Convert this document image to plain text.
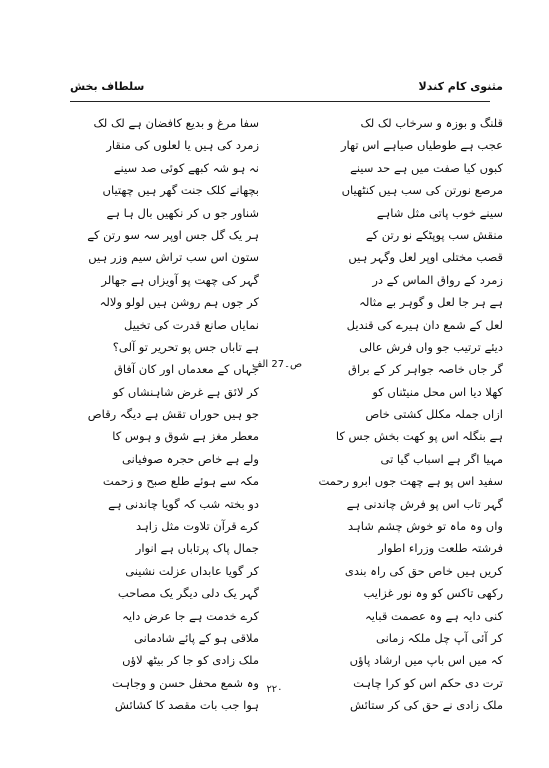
مثنوی کام کندلا
سلطاف بخش
قلنگ و بوزہ و سرخاب لک لک
عجب ہے طوطیاں صیاہے اس تھار
کبوں کیا صفت میں ہے حد سینے
مرصع نورتن کی سب ہیں کنٹھیاں
سینے خوب پاتی مثل شاہے
منقش سب پوپٹکے نو رتن کے
قصب مختلی اوپر لعل وگہر ہیں
زمرد کے رواق الماس کے در
ہے ہر جا لعل و گوہر بے مثالہ
لعل کے شمع دان ہیرے کی قندیل
دیئے ترتیب جو واں فرش عالی
گر جاں خاصہ جواہر کر کے براق
کھلا دیا اس محل منیٹناں کو
ازاں جملہ مکلل کشتی خاص
ہے بنگلہ اس پو کھت بخش جس کا
مہیا اگر ہے اسباب گیا تی
سفید اس پو ہے چھت جوں ابرو رحمت
گہر تاب اس پو فرش چاندنی ہے
واں وہ ماہ تو خوش چشم شاہد
فرشتہ طلعت وزراء اطوار
کریں ہیں خاص حق کی راہ بندی
رکھی تاکس کو وہ نور غزایب
کنی دایہ ہے وہ عصمت قبایہ
کر آئی آپ چل ملکہ زمانی
کہ میں اس باپ میں ارشاد پاؤں
ترت دی حکم اس کو کرا چاہت
ملک زادی نے حق کی کر ستائش
سفا مرغ و بدیع کافضان ہے لک لک
زمرد کی ہیں یا لعلوں کی منقار
نہ ہو شہ کبھے کوئی صد سینے
بچھانے کلک جنت گھر ہیں چھتیاں
شناور جو ں کر نکھیں بال ہا ہے
ہر یک گل جس اوپر سہ سو رتن کے
ستون اس سب تراش سیم وزر ہیں
گہر کی چھت پو آویزاں ہے جھالر
کر جوں ہم روشن ہیں لولو ولالہ
نمایاں صانع قدرت کی تخییل
ہے تاباں جس پو تحریر تو آلی؟
جہاں کے معدماں اور کان آفاق
کر لائق ہے غرض شاہنشاں کو
جو ہیں حوراں تقش ہے دیگہ رقاص
معطر مغز ہے شوق و ہوس کا
ولے ہے خاص حجرہ صوفیانی
مکہ سے ہوئے طلع صبح و زحمت
دو بختہ شب کہ گویا چاندنی ہے
کرے قرآن تلاوت مثل زاہد
جمال پاک پرتاباں ہے انوار
کر گویا عابداں عزلت نشینی
گہر یک دلی دیگر یک مصاحب
کرے خدمت ہے جا عرض دایہ
ملاقی ہو کے پائے شادمانی
ملک زادی کو جا کر بیٹھ لاؤں
وہ شمع محفل حسن و وجاہت
ہوا جب بات مقصد کا کشائش
ص۔27 الف
۲۲۰
